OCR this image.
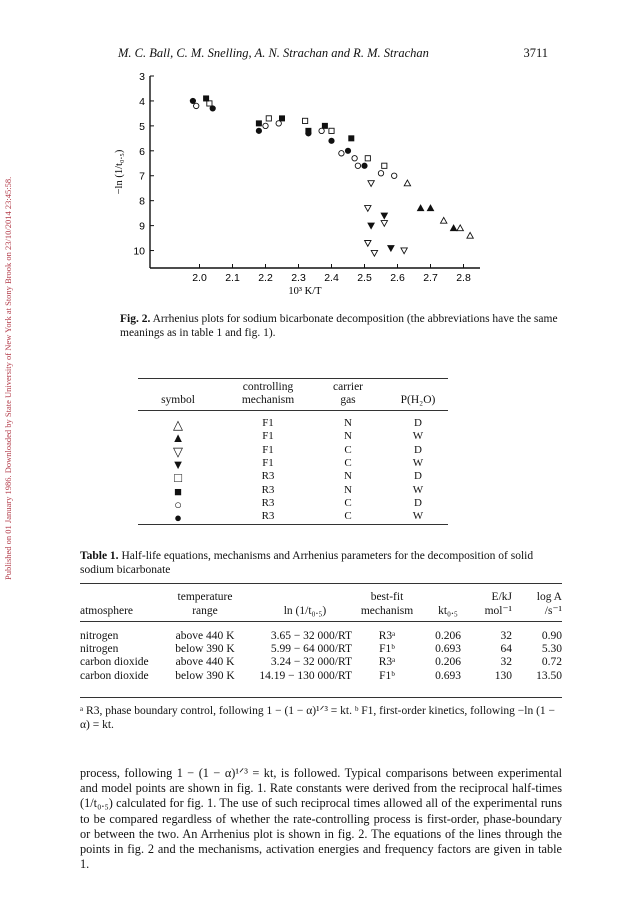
Published on 01 January 1986. Downloaded by State University of New York at Stony Brook on 23/10/2014 23:45:58.
M. C. Ball, C. M. Snelling, A. N. Strachan and R. M. Strachan	3711
2.0 2.1 2.2 2.3 2.4 2.5 2.6 2.7 2.8
3
4
5
6
7
8
9
10
10³ K/T
−ln (1/t₀.₅)
Fig. 2. Arrhenius plots for sodium bicarbonate decomposition (the abbreviations have the same meanings as in table 1 and fig. 1).
symbol
controlling
mechanism
carrier
gas	P(H₂O)
△	F1	N	D
▲	F1	N	W
▽	F1	C	D
▼	F1	C	W
□	R3	N	D
■	R3	N	W
○	R3	C	D
●	R3	C	W
Table 1. Half-life equations, mechanisms and Arrhenius parameters for the decomposition of solid sodium bicarbonate
atmosphere
temperature
range	ln (1/t₀.₅)
best-fit
mechanism	kt₀.₅
E/kJ
mol⁻¹
log A
/s⁻¹
nitrogen	above 440 K	3.65 − 32 000/RT	R3ᵃ	0.206	32	0.90
nitrogen	below 390 K	5.99 − 64 000/RT	F1ᵇ	0.693	64	5.30
carbon dioxide	above 440 K	3.24 − 32 000/RT	R3ᵃ	0.206	32	0.72
carbon dioxide	below 390 K	14.19 − 130 000/RT	F1ᵇ	0.693	130	13.50
ᵃ R3, phase boundary control, following 1 − (1 − α)¹ᐟ³ = kt. ᵇ F1, first-order kinetics, following −ln (1 − α) = kt.
process, following 1 − (1 − α)¹ᐟ³ = kt, is followed. Typical comparisons between experimental and model points are shown in fig. 1. Rate constants were derived from the reciprocal half-times (1/t₀.₅) calculated for fig. 1. The use of such reciprocal times allowed all of the experimental runs to be compared regardless of whether the rate-controlling process is first-order, phase-boundary or between the two. An Arrhenius plot is shown in fig. 2. The equations of the lines through the points in fig. 2 and the mechanisms, activation energies and frequency factors are given in table 1.
